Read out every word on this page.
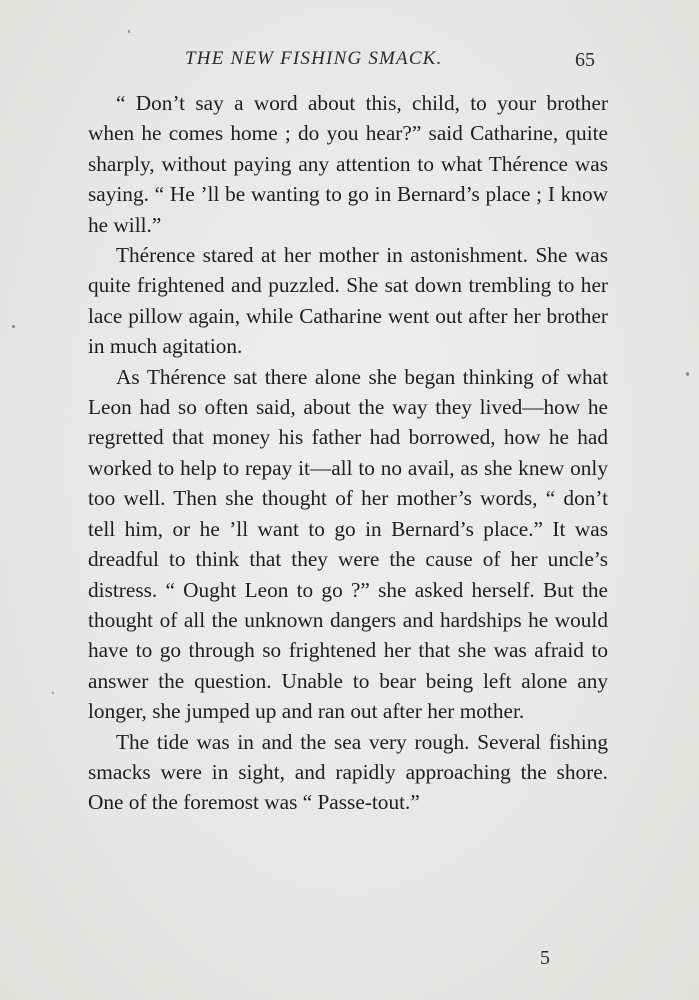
THE NEW FISHING SMACK.	65

“ Don’t say a word about this, child, to your brother when he comes home ; do you hear?” said Catharine, quite sharply, without paying any attention to what Thérence was saying. “ He ’ll be wanting to go in Bernard’s place ; I know he will.”

Thérence stared at her mother in astonishment. She was quite frightened and puzzled. She sat down trembling to her lace pillow again, while Catharine went out after her brother in much agitation.

As Thérence sat there alone she began thinking of what Leon had so often said, about the way they lived—how he regretted that money his father had borrowed, how he had worked to help to repay it—all to no avail, as she knew only too well. Then she thought of her mother’s words, “ don’t tell him, or he ’ll want to go in Bernard’s place.” It was dreadful to think that they were the cause of her uncle’s distress. “ Ought Leon to go ?” she asked herself. But the thought of all the unknown dangers and hardships he would have to go through so frightened her that she was afraid to answer the question. Unable to bear being left alone any longer, she jumped up and ran out after her mother.

The tide was in and the sea very rough. Several fishing smacks were in sight, and rapidly approaching the shore. One of the foremost was “ Passe-tout.”

5
